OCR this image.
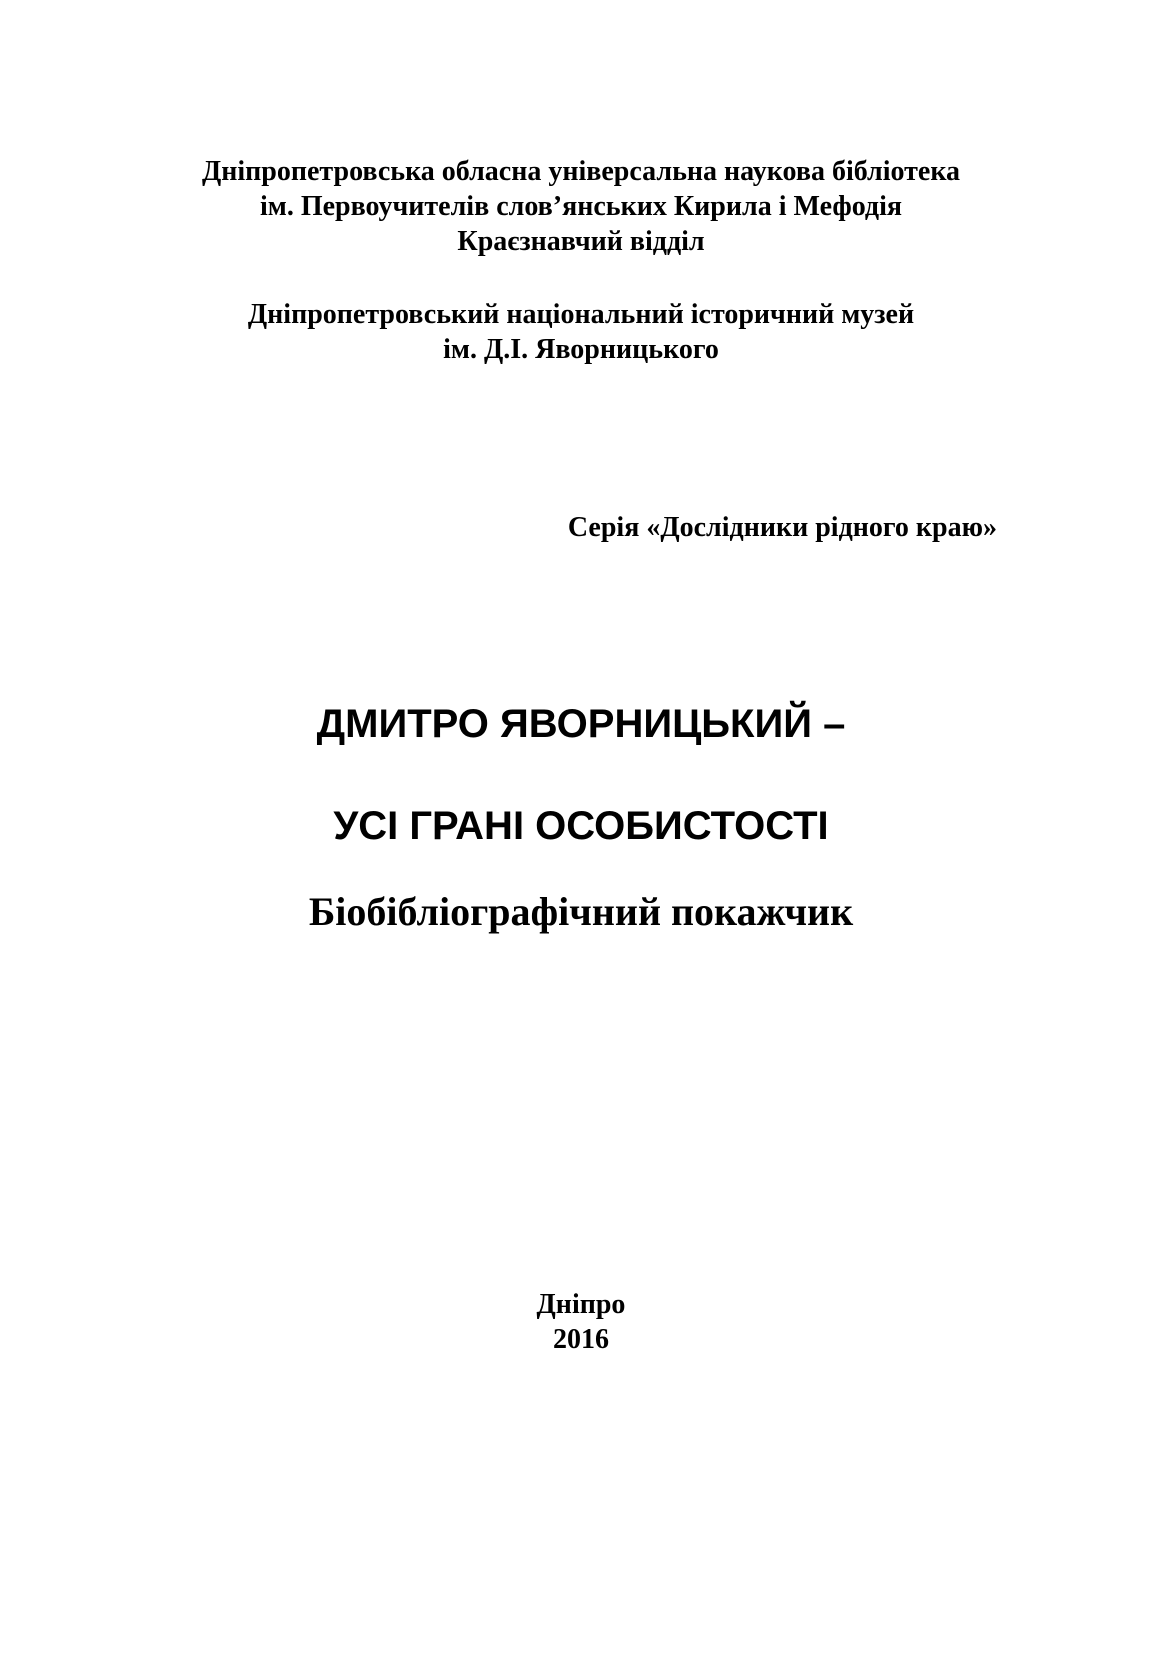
Дніпропетровська обласна універсальна наукова бібліотека
ім. Первоучителів слов’янських Кирила і Мефодія
Краєзнавчий відділ
Дніпропетровський національний історичний музей
ім. Д.І. Яворницького
Серія «Дослідники рідного краю»
ДМИТРО ЯВОРНИЦЬКИЙ –
УСІ ГРАНІ ОСОБИСТОСТІ
Біобібліографічний покажчик
Дніпро
2016
